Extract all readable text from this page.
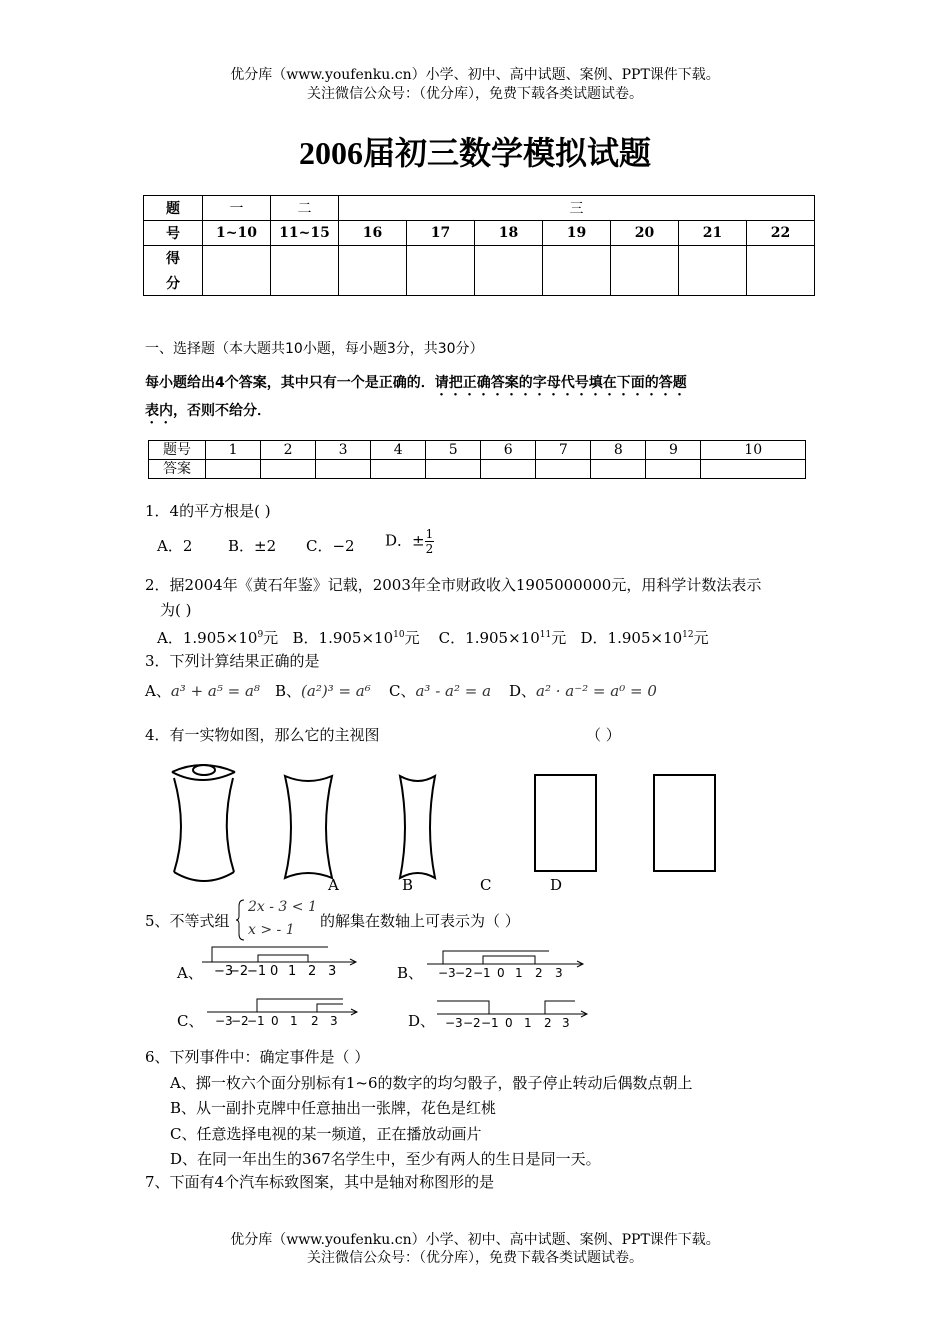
优分库（www.youfenku.cn）小学、初中、高中试题、案例、PPT课件下载。
关注微信公众号：（优分库），免费下载各类试题试卷。
2006届初三数学模拟试题
题	一	二	三						
号	1~10	11~15	16	17	18	19	20	21	22
得									
分									
一、选择题（本大题共10小题，每小题3分，共30分）
每小题给出4个答案，其中只有一个是正确的．请把正确答案的字母代号填在下面的答题
表内，否则不给分．
题号	1	2	3	4	5	6	7	8	9	10
答案										
1．4的平方根是( )
A．2 B．±2 C．−2 D．± $\frac{1}{2}$
2．据2004年《黄石年鉴》记载，2003年全市财政收入1905000000元，用科学计数法表示
为( )
A．$1.905\times 10^9$元 B．$1.905\times 10^{10}$元 C．$1.905\times 10^{11}$元 D．$1.905\times 10^{12}$元
3．下列计算结果正确的是
A、a³ + a⁵ = a⁸ B、(a²)³ = a⁶ C、a³ - a² = a D、a² · a⁻² = a⁰ = 0
4．有一实物如图，那么它的主视图	（ ）
A	B	C	D
5、不等式组
2x - 3 < 1
x > - 1 的解集在数轴上可表示为（ ）
A、	B、
C、	D、
−3
−2
−1 0 1 2 3	−3 −2 −1 0 1 2 3
−3
−2
−1 0 1 2 3	−3 −2 −1 0 1 2 3
6、下列事件中：确定事件是（ ）
A、掷一枚六个面分别标有1~6的数字的均匀骰子，骰子停止转动后偶数点朝上
B、从一副扑克牌中任意抽出一张牌，花色是红桃
C、任意选择电视的某一频道，正在播放动画片
D、在同一年出生的367名学生中，至少有两人的生日是同一天。
7、下面有4个汽车标致图案，其中是轴对称图形的是
优分库（www.youfenku.cn）小学、初中、高中试题、案例、PPT课件下载。
关注微信公众号：（优分库），免费下载各类试题试卷。
